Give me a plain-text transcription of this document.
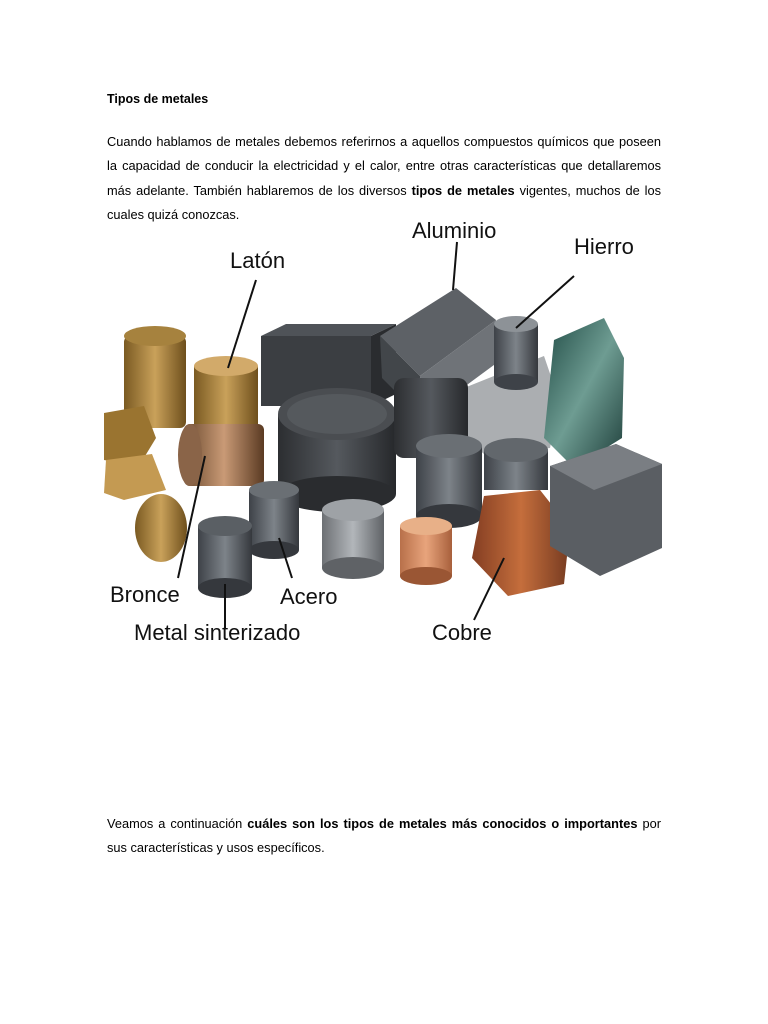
Tipos de metales

Cuando hablamos de metales debemos referirnos a aquellos compuestos químicos que poseen la capacidad de conducir la electricidad y el calor, entre otras características que detallaremos más adelante. También hablaremos de los diversos tipos de metales vigentes, muchos de los cuales quizá conozcas.

Latón
Aluminio
Hierro
Bronce	Acero
Metal sinterizado	Cobre

Veamos a continuación cuáles son los tipos de metales más conocidos o importantes por sus características y usos específicos.
